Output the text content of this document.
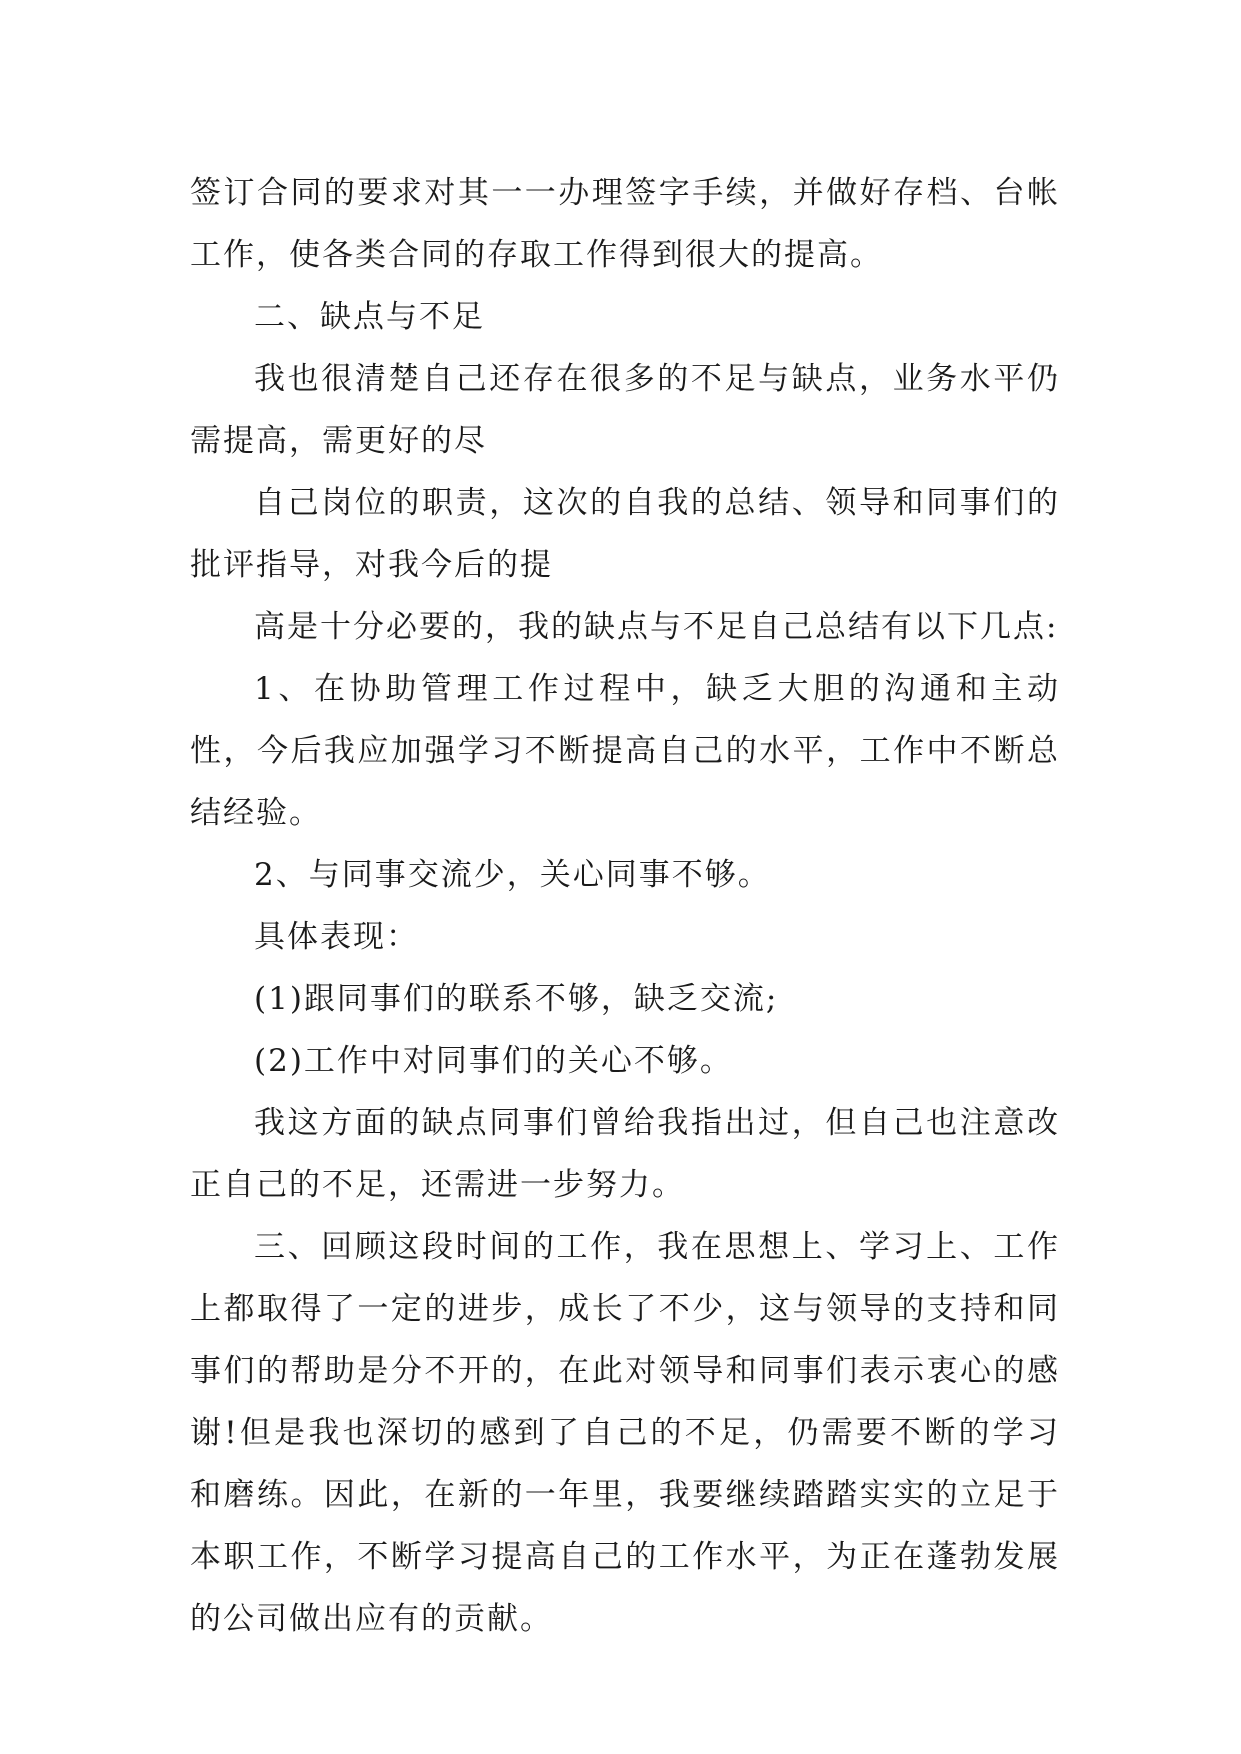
签订合同的要求对其一一办理签字手续，并做好存档、台帐工作，使各类合同的存取工作得到很大的提高。

二、缺点与不足

我也很清楚自己还存在很多的不足与缺点，业务水平仍需提高，需更好的尽

自己岗位的职责，这次的自我的总结、领导和同事们的批评指导，对我今后的提

高是十分必要的，我的缺点与不足自己总结有以下几点:

1、在协助管理工作过程中，缺乏大胆的沟通和主动性，今后我应加强学习不断提高自己的水平，工作中不断总结经验。

2、与同事交流少，关心同事不够。

具体表现：

(1)跟同事们的联系不够，缺乏交流;

(2)工作中对同事们的关心不够。

我这方面的缺点同事们曾给我指出过，但自己也注意改正自己的不足，还需进一步努力。

三、回顾这段时间的工作，我在思想上、学习上、工作上都取得了一定的进步，成长了不少，这与领导的支持和同事们的帮助是分不开的，在此对领导和同事们表示衷心的感谢!但是我也深切的感到了自己的不足，仍需要不断的学习和磨练。因此，在新的一年里，我要继续踏踏实实的立足于本职工作，不断学习提高自己的工作水平，为正在蓬勃发展的公司做出应有的贡献。
